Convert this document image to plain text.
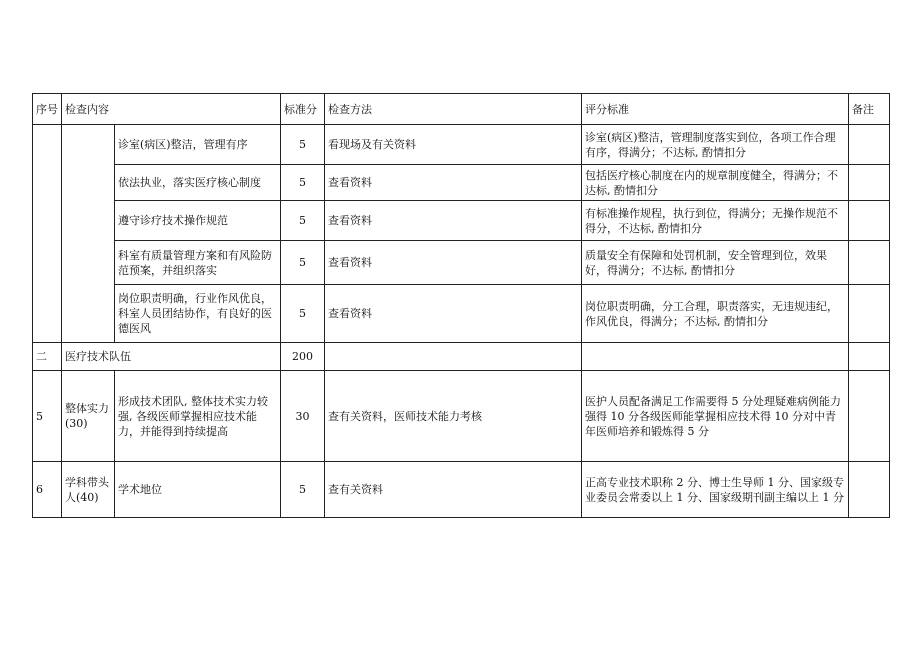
序号	检查内容		标准分	检查方法	评分标准	备注
		诊室(病区)整洁，管理有序	5	看现场及有关资料	诊室(病区)整洁，管理制度落实到位，各项工作合理有序，得满分；不达标, 酌情扣分	
		依法执业，落实医疗核心制度	5	查看资料	包括医疗核心制度在内的规章制度健全，得满分；不达标, 酌情扣分	
		遵守诊疗技术操作规范	5	查看资料	有标准操作规程，执行到位，得满分；无操作规范不得分，不达标, 酌情扣分	
		科室有质量管理方案和有风险防范预案，并组织落实	5	查看资料	质量安全有保障和处罚机制，安全管理到位，效果好，得满分；不达标, 酌情扣分	
		岗位职责明确，行业作风优良，科室人员团结协作，有良好的医德医风	5	查看资料	岗位职责明确，分工合理，职责落实，无违规违纪，作风优良，得满分；不达标, 酌情扣分	
二	医疗技术队伍		200			
5	整体实力(30)	形成技术团队, 整体技术实力较强, 各级医师掌握相应技术能力，并能得到持续提高	30	查有关资料，医师技术能力考核	医护人员配备满足工作需要得 5 分处理疑难病例能力强得 10 分各级医师能掌握相应技术得 10 分对中青年医师培养和锻炼得 5 分	
6	学科带头人(40)	学术地位	5	查有关资料	正高专业技术职称 2 分、博士生导师 1 分、国家级专业委员会常委以上 1 分、国家级期刊副主编以上 1 分	
